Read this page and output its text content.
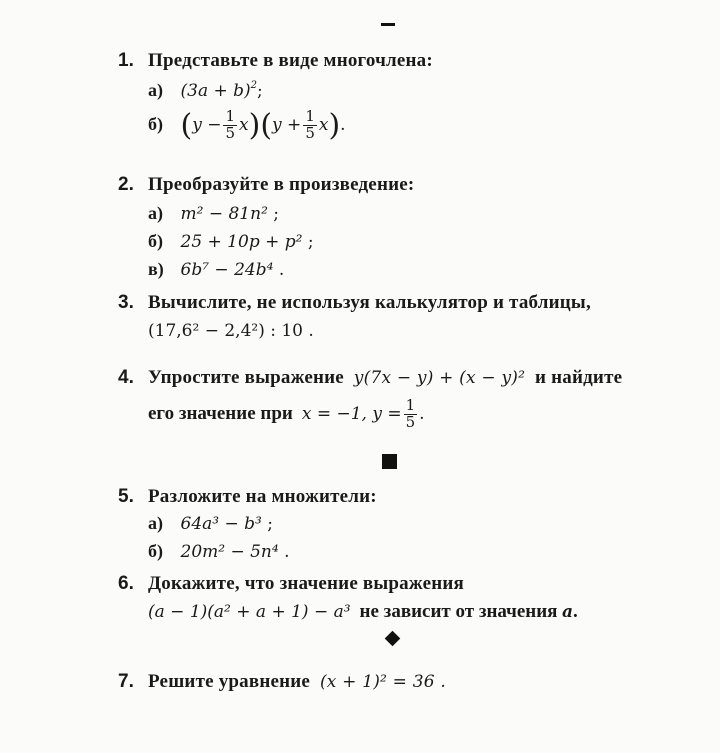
1. Представьте в виде многочлена:
а) $(3a + b)^2$;
б) $(y - \frac{1}{5} x)(y + \frac{1}{5} x)$.
2. Преобразуйте в произведение:
а) m² − 81n² ;
б) 25 + 10p + p² ;
в) 6b⁷ − 24b⁴ .
3. Вычислите, не используя калькулятор и таблицы,
(17,6² − 2,4²) : 10 .
4. Упростите выражение y(7x − y) + (x − y)² и найдите
его значение при x = −1, $y = \frac{1}{5}$ .
5. Разложите на множители:
а) 64a³ − b³ ;
б) 20m² − 5n⁴ .
6. Докажите, что значение выражения
(a − 1)(a² + a + 1) − a³ не зависит от значения a.
7. Решите уравнение (x + 1)² = 36 .
